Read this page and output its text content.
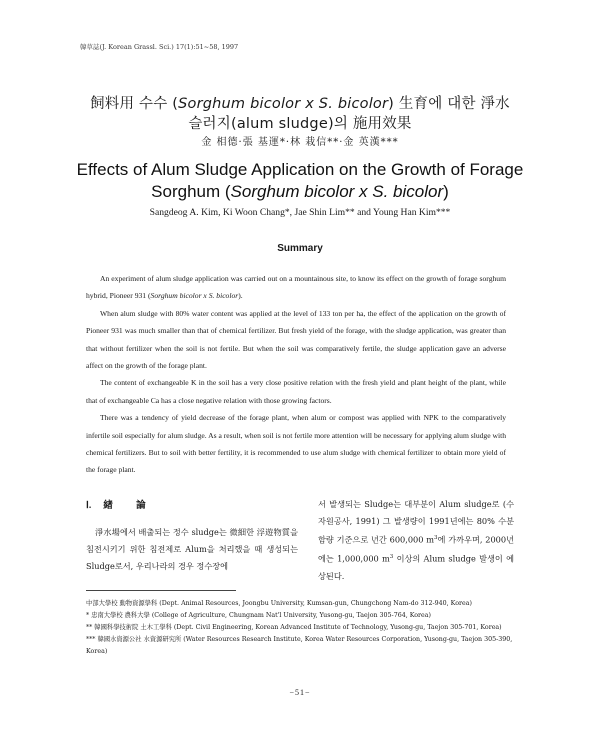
韓草誌(J. Korean Grassl. Sci.) 17(1):51~58, 1997
飼料用 수수 (Sorghum bicolor x S. bicolor) 生育에 대한 淨水
슬러지(alum sludge)의 施用效果
金 相德·張 基運*·林 栽信**·金 英漢***
Effects of Alum Sludge Application on the Growth of Forage
Sorghum (Sorghum bicolor x S. bicolor)
Sangdeog A. Kim, Ki Woon Chang*, Jae Shin Lim** and Young Han Kim***
Summary

An experiment of alum sludge application was carried out on a mountainous site, to know its effect on the growth of forage sorghum hybrid, Pioneer 931 (Sorghum bicolor x S. bicolor).

When alum sludge with 80% water content was applied at the level of 133 ton per ha, the effect of the application on the growth of Pioneer 931 was much smaller than that of chemical fertilizer. But fresh yield of the forage, with the sludge application, was greater than that without fertilizer when the soil is not fertile. But when the soil was comparatively fertile, the sludge application gave an adverse affect on the growth of the forage plant.

The content of exchangeable K in the soil has a very close positive relation with the fresh yield and plant height of the plant, while that of exchangeable Ca has a close negative relation with those growing factors.

There was a tendency of yield decrease of the forage plant, when alum or compost was applied with NPK to the comparatively infertile soil especially for alum sludge. As a result, when soil is not fertile more attention will be necessary for applying alum sludge with chemical fertilizers. But to soil with better fertility, it is recommended to use alum sludge with chemical fertilizer to obtain more yield of the forage plant.

Ⅰ. 緖 論

淨水場에서 배출되는 정수 sludge는 微細한 浮遊物質을 침전시키기 위한 침전제로 Alum을 처리했을 때 생성되는 Sludge로서, 우리나라의 경우 정수장에

서 발생되는 Sludge는 대부분이 Alum sludge로 (수자원공사, 1991) 그 발생량이 1991년에는 80% 수분함량 기준으로 년간 600,000 $m^3$에 가까우며, 2000년에는 1,000,000 $m^3$ 이상의 Alum sludge 발생이 예상된다.

中部大學校 動物資源學科 (Dept. Animal Resources, Joongbu University, Kumsan-gun, Chungchong Nam-do 312-940, Korea)

* 忠南大學校 農科大學 (College of Agriculture, Chungnam Nat'l University, Yusong-gu, Taejon 305-764, Korea)

** 韓國科學技術院 土木工學科 (Dept. Civil Engineering, Korean Advanced Institute of Technology, Yusong-gu, Taejon 305-701, Korea)

*** 韓國水資源公社 水資源研究所 (Water Resources Research Institute, Korea Water Resources Corporation, Yusong-gu, Taejon 305-390, Korea)

−51−
